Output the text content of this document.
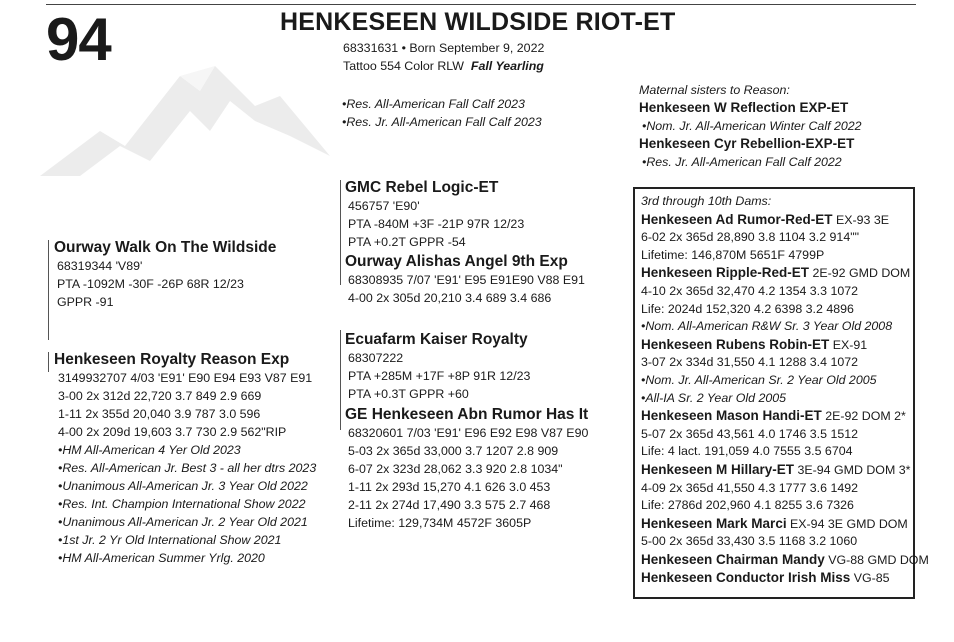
94	HENKESEEN WILDSIDE RIOT-ET
68331631 • Born September 9, 2022
Tattoo 554 Color RLW Fall Yearling
•Res. All-American Fall Calf 2023
•Res. Jr. All-American Fall Calf 2023
Maternal sisters to Reason:
Henkeseen W Reflection EXP-ET
•Nom. Jr. All-American Winter Calf 2022
Henkeseen Cyr Rebellion-EXP-ET
•Res. Jr. All-American Fall Calf 2022
Ourway Walk On The Wildside
68319344 'V89'
PTA -1092M -30F -26P 68R 12/23
GPPR -91
GMC Rebel Logic-ET
456757 'E90'
PTA -840M +3F -21P 97R 12/23
PTA +0.2T GPPR -54
Ourway Alishas Angel 9th Exp
68308935 7/07 'E91' E95 E91E90 V88 E91
4-00 2x 305d 20,210 3.4 689 3.4 686
Henkeseen Royalty Reason Exp
3149932707 4/03 'E91' E90 E94 E93 V87 E91
3-00 2x 312d 22,720 3.7 849 2.9 669
1-11 2x 355d 20,040 3.9 787 3.0 596
4-00 2x 209d 19,603 3.7 730 2.9 562"RIP
•HM All-American 4 Yer Old 2023
•Res. All-American Jr. Best 3 - all her dtrs 2023
•Unanimous All-American Jr. 3 Year Old 2022
•Res. Int. Champion International Show 2022
•Unanimous All-American Jr. 2 Year Old 2021
•1st Jr. 2 Yr Old International Show 2021
•HM All-American Summer Yrlg. 2020
Ecuafarm Kaiser Royalty
68307222
PTA +285M +17F +8P 91R 12/23
PTA +0.3T GPPR +60
GE Henkeseen Abn Rumor Has It
68320601 7/03 'E91' E96 E92 E98 V87 E90
5-03 2x 365d 33,000 3.7 1207 2.8 909
6-07 2x 323d 28,062 3.3 920 2.8 1034"
1-11 2x 293d 15,270 4.1 626 3.0 453
2-11 2x 274d 17,490 3.3 575 2.7 468
Lifetime: 129,734M 4572F 3605P
3rd through 10th Dams:
Henkeseen Ad Rumor-Red-ET EX-93 3E
6-02 2x 365d 28,890 3.8 1104 3.2 914""
Lifetime: 146,870M 5651F 4799P
Henkeseen Ripple-Red-ET 2E-92 GMD DOM
4-10 2x 365d 32,470 4.2 1354 3.3 1072
Life: 2024d 152,320 4.2 6398 3.2 4896
•Nom. All-American R&W Sr. 3 Year Old 2008
Henkeseen Rubens Robin-ET EX-91
3-07 2x 334d 31,550 4.1 1288 3.4 1072
•Nom. Jr. All-American Sr. 2 Year Old 2005
•All-IA Sr. 2 Year Old 2005
Henkeseen Mason Handi-ET 2E-92 DOM 2*
5-07 2x 365d 43,561 4.0 1746 3.5 1512
Life: 4 lact. 191,059 4.0 7555 3.5 6704
Henkeseen M Hillary-ET 3E-94 GMD DOM 3*
4-09 2x 365d 41,550 4.3 1777 3.6 1492
Life: 2786d 202,960 4.1 8255 3.6 7326
Henkeseen Mark Marci EX-94 3E GMD DOM
5-00 2x 365d 33,430 3.5 1168 3.2 1060
Henkeseen Chairman Mandy VG-88 GMD DOM
Henkeseen Conductor Irish Miss VG-85
